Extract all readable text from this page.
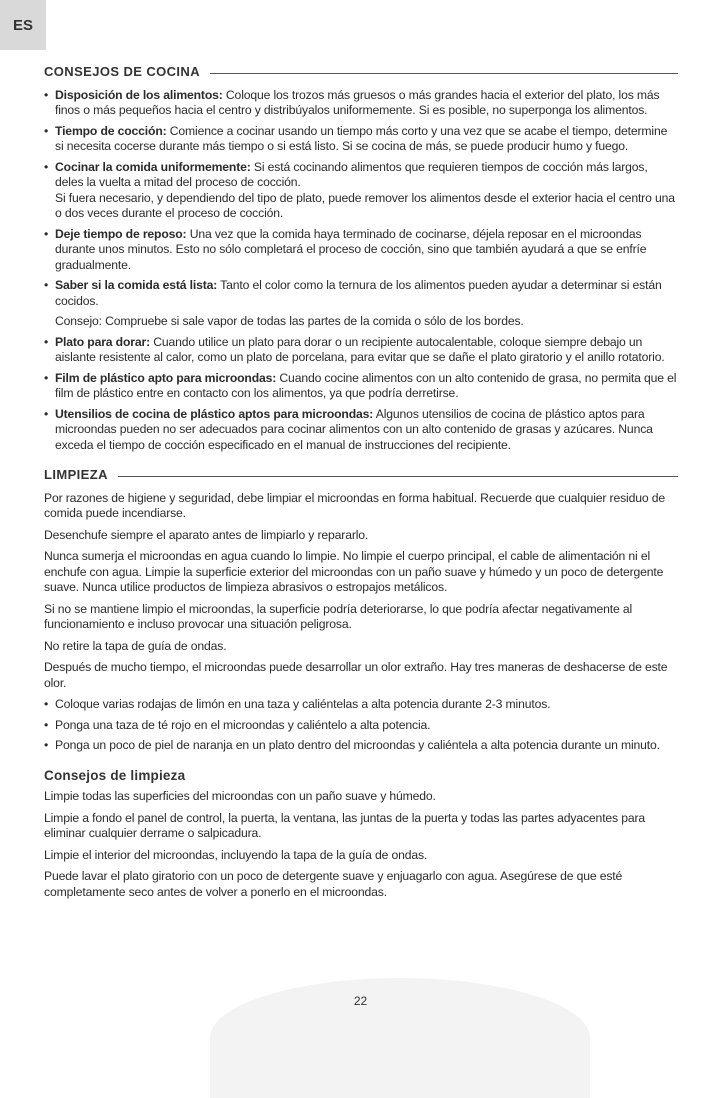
ES
CONSEJOS DE COCINA
• Disposición de los alimentos: Coloque los trozos más gruesos o más grandes hacia el exterior del plato, los más finos o más pequeños hacia el centro y distribúyalos uniformemente. Si es posible, no superponga los alimentos.
• Tiempo de cocción: Comience a cocinar usando un tiempo más corto y una vez que se acabe el tiempo, determine si necesita cocerse durante más tiempo o si está listo. Si se cocina de más, se puede producir humo y fuego.
• Cocinar la comida uniformemente: Si está cocinando alimentos que requieren tiempos de cocción más largos, deles la vuelta a mitad del proceso de cocción.
Si fuera necesario, y dependiendo del tipo de plato, puede remover los alimentos desde el exterior hacia el centro una o dos veces durante el proceso de cocción.
• Deje tiempo de reposo: Una vez que la comida haya terminado de cocinarse, déjela reposar en el microondas durante unos minutos. Esto no sólo completará el proceso de cocción, sino que también ayudará a que se enfríe gradualmente.
• Saber si la comida está lista: Tanto el color como la ternura de los alimentos pueden ayudar a determinar si están cocidos.

Consejo: Compruebe si sale vapor de todas las partes de la comida o sólo de los bordes.

• Plato para dorar: Cuando utilice un plato para dorar o un recipiente autocalentable, coloque siempre debajo un aislante resistente al calor, como un plato de porcelana, para evitar que se dañe el plato giratorio y el anillo rotatorio.
• Film de plástico apto para microondas: Cuando cocine alimentos con un alto contenido de grasa, no permita que el film de plástico entre en contacto con los alimentos, ya que podría derretirse.
• Utensilios de cocina de plástico aptos para microondas: Algunos utensilios de cocina de plástico aptos para microondas pueden no ser adecuados para cocinar alimentos con un alto contenido de grasas y azúcares. Nunca exceda el tiempo de cocción especificado en el manual de instrucciones del recipiente.
LIMPIEZA

Por razones de higiene y seguridad, debe limpiar el microondas en forma habitual. Recuerde que cualquier residuo de comida puede incendiarse.

Desenchufe siempre el aparato antes de limpiarlo y repararlo.

Nunca sumerja el microondas en agua cuando lo limpie. No limpie el cuerpo principal, el cable de alimentación ni el enchufe con agua. Limpie la superficie exterior del microondas con un paño suave y húmedo y un poco de detergente suave. Nunca utilice productos de limpieza abrasivos o estropajos metálicos.

Si no se mantiene limpio el microondas, la superficie podría deteriorarse, lo que podría afectar negativamente al funcionamiento e incluso provocar una situación peligrosa.

No retire la tapa de guía de ondas.

Después de mucho tiempo, el microondas puede desarrollar un olor extraño. Hay tres maneras de deshacerse de este olor.

• Coloque varias rodajas de limón en una taza y caliéntelas a alta potencia durante 2-3 minutos.
• Ponga una taza de té rojo en el microondas y caliéntelo a alta potencia.
• Ponga un poco de piel de naranja en un plato dentro del microondas y caliéntela a alta potencia durante un minuto.
Consejos de limpieza

Limpie todas las superficies del microondas con un paño suave y húmedo.

Limpie a fondo el panel de control, la puerta, la ventana, las juntas de la puerta y todas las partes adyacentes para eliminar cualquier derrame o salpicadura.

Limpie el interior del microondas, incluyendo la tapa de la guía de ondas.

Puede lavar el plato giratorio con un poco de detergente suave y enjuagarlo con agua. Asegúrese de que esté completamente seco antes de volver a ponerlo en el microondas.

22
